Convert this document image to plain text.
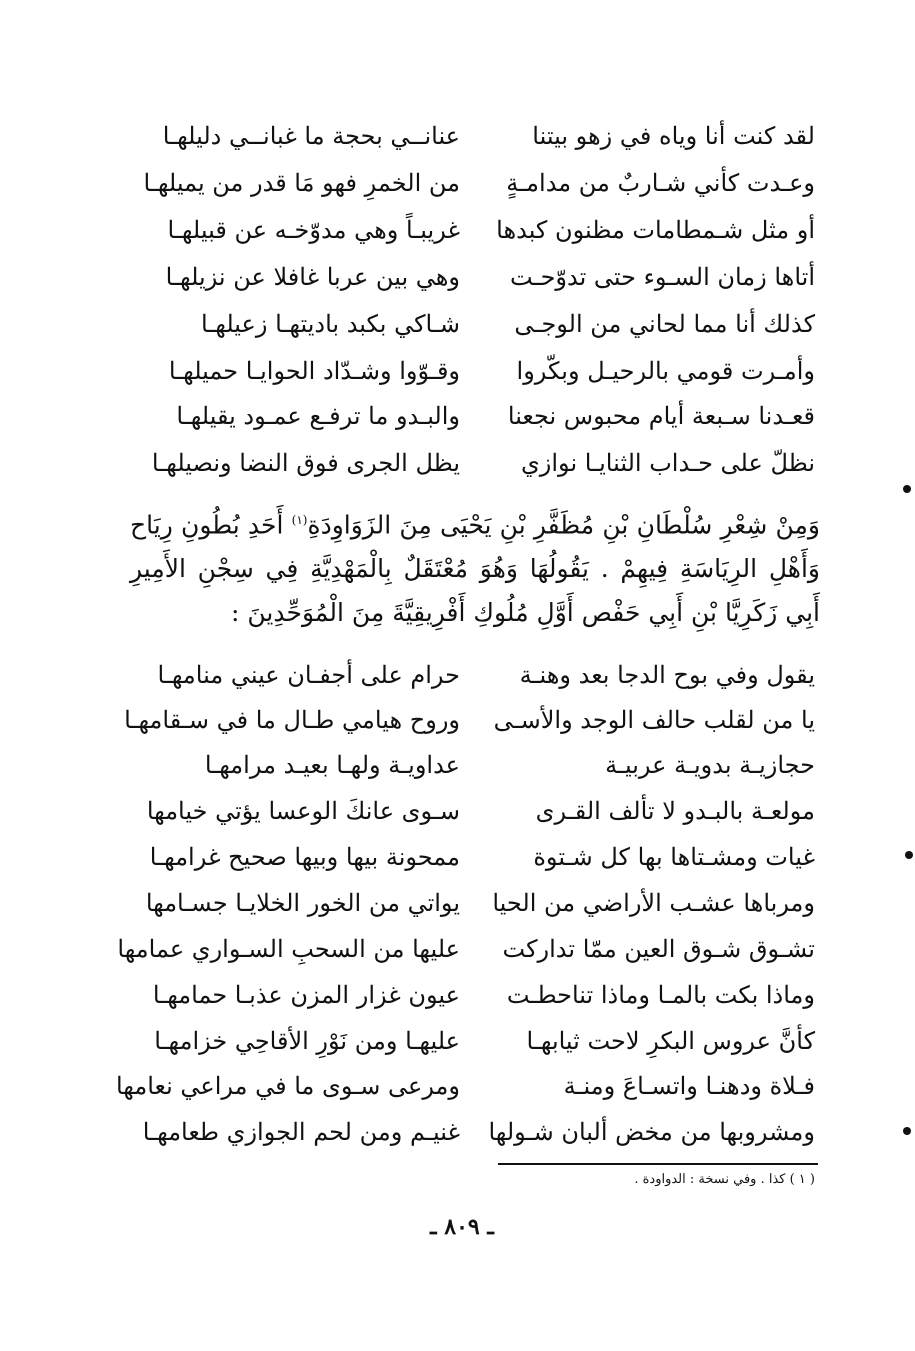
لقد كنت أنا وياه في زهو بيتنا
عنانــي بحجة ما غبانــي دليلهـا
وعـدت كأني شـاربٌ من مدامـةٍ
من الخمرِ فهو مَا قدر من يميلهـا
أو مثل شـمطامات مظنون كبدها
غريبـاً وهي مدوّخـه عن قبيلهـا
أتاها زمان السـوء حتى تدوّحـت
وهي بين عربا غافلا عن نزيلهـا
كذلك أنا مما لحاني من الوجـى
شـاكي بكبد باديتهـا زعيلهـا
وأمـرت قومي بالرحيـل وبكّروا
وقـوّوا وشـدّاد الحوايـا حميلهـا
قعـدنا سـبعة أيام محبوس نجعنا
والبـدو ما ترفـع عمـود يقيلهـا
نظلّ على حـداب الثنايـا نوازي
يظل الجرى فوق النضا ونصيلهـا

وَمِنْ شِعْرِ سُلْطَانِ بْنِ مُظَفَّرِ بْنِ يَحْيَى مِنَ الزَوَاوِدَةِ$^{(١)}$ أَحَدِ بُطُونِ رِيَاح وَأَهْلِ الرِيَاسَةِ فِيهِمْ . يَقُولُهَا وَهُوَ مُعْتَقَلٌ بِالْمَهْدِيَّةِ فِي سِجْنِ الأَمِيرِ أَبِي زَكَرِيَّا بْنِ أَبِي حَفْص أَوَّلِ مُلُوكِ أَفْرِيقِيَّةَ مِنَ الْمُوَحِّدِينَ :

يقول وفي بوح الدجا بعد وهنـة
حرام على أجفـان عيني منامهـا
يا من لقلب حالف الوجد والأسـى
وروح هيامي طـال ما في سـقامهـا
حجازيـة بدويـة عربيـة
عداويـة ولهـا بعيـد مرامهـا
مولعـة بالبـدو لا تألف القـرى
سـوى عانكَ الوعسا يؤتي خيامها
غيات ومشـتاها بها كل شـتوة
ممحونة بيها وبيها صحيح غرامهـا
ومرباها عشـب الأراضي من الحيا
يواتي من الخور الخلايـا جسـامها
تشـوق شـوق العين ممّا تداركت
عليها من السحبِ السـواري عمامها
وماذا بكت بالمـا وماذا تناحطـت
عيون غزار المزن عذبـا حمامهـا
كأنَّ عروس البكرِ لاحت ثيابهـا
عليهـا ومن نَوْرِ الأقاحِي خزامهـا
فـلاة ودهنـا واتسـاعَ ومنـة
ومرعى سـوى ما في مراعي نعامها
ومشروبها من مخض ألبان شـولها
غنيـم ومن لحم الجوازي طعامهـا
( ١ ) كذا . وفي نسخة : الدواودة .
ـ ٨٠٩ ـ
